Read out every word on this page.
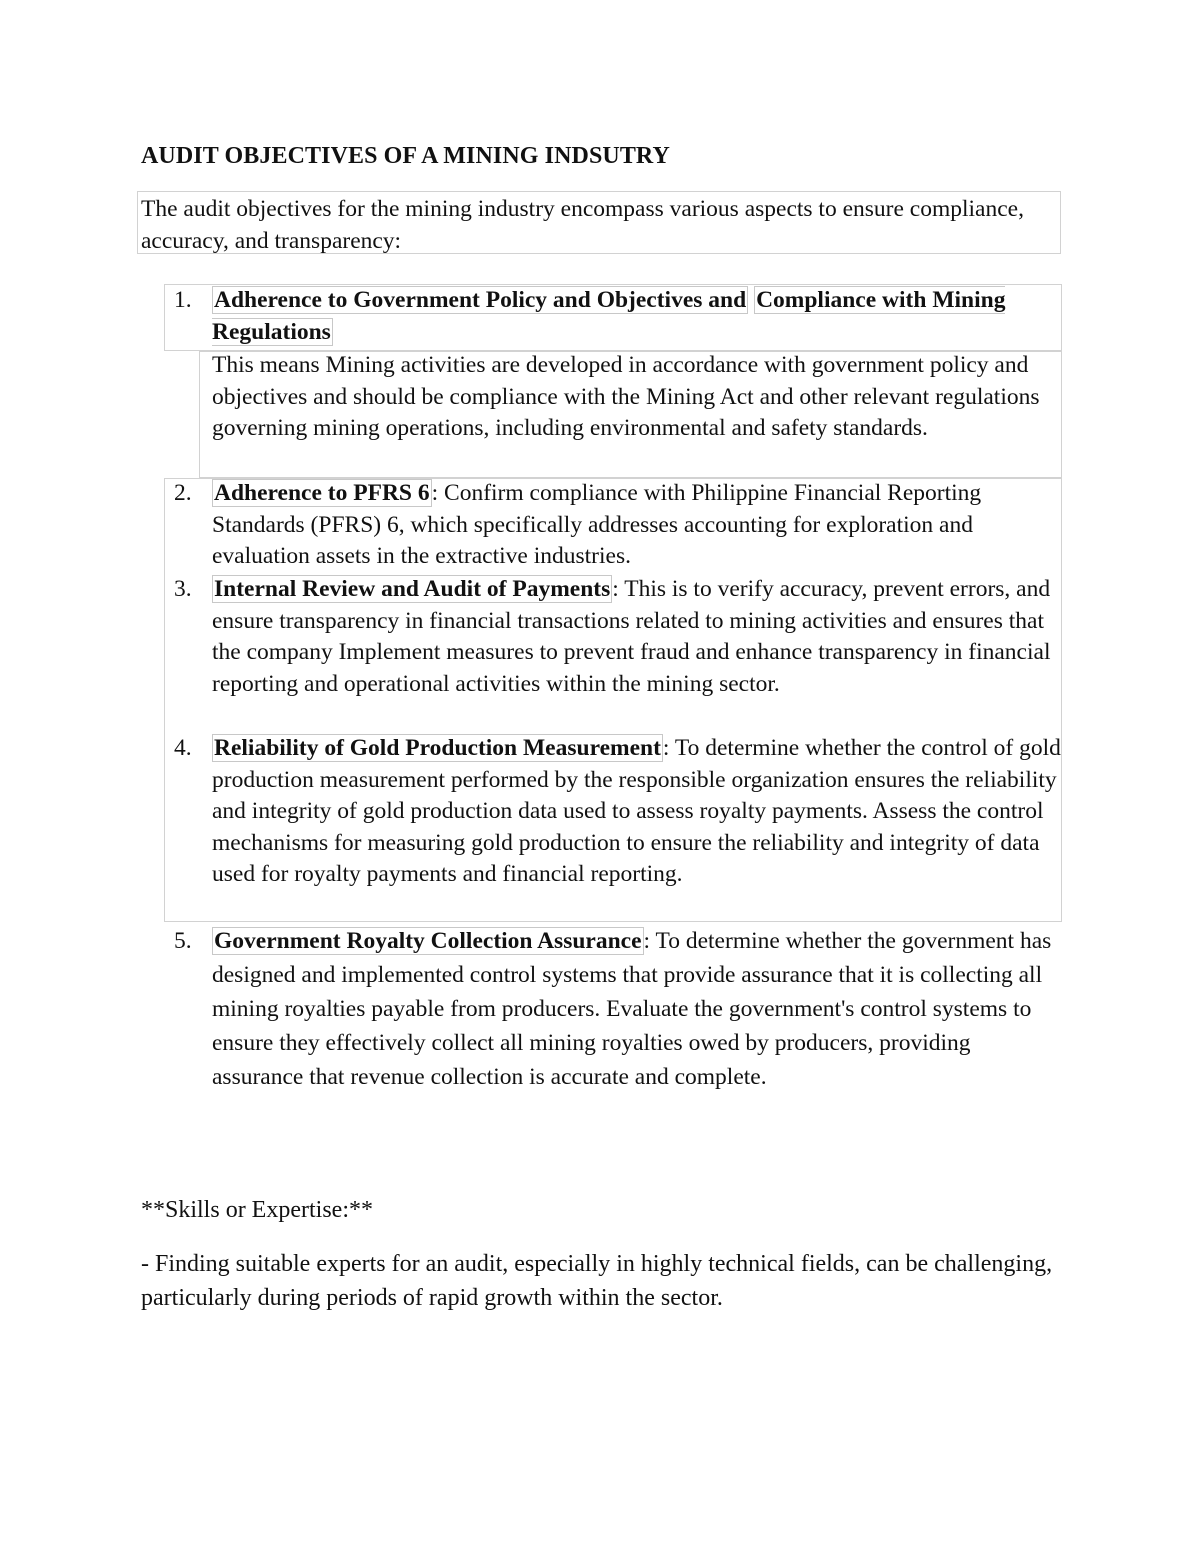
AUDIT OBJECTIVES OF A MINING INDSUTRY

The audit objectives for the mining industry encompass various aspects to ensure compliance, accuracy, and transparency:

1. Adherence to Government Policy and Objectives and Compliance with Mining Regulations
This means Mining activities are developed in accordance with government policy and objectives and should be compliance with the Mining Act and other relevant regulations governing mining operations, including environmental and safety standards.
2. Adherence to PFRS 6: Confirm compliance with Philippine Financial Reporting Standards (PFRS) 6, which specifically addresses accounting for exploration and evaluation assets in the extractive industries.
3. Internal Review and Audit of Payments: This is to verify accuracy, prevent errors, and ensure transparency in financial transactions related to mining activities and ensures that the company Implement measures to prevent fraud and enhance transparency in financial reporting and operational activities within the mining sector.
4. Reliability of Gold Production Measurement: To determine whether the control of gold production measurement performed by the responsible organization ensures the reliability and integrity of gold production data used to assess royalty payments. Assess the control mechanisms for measuring gold production to ensure the reliability and integrity of data used for royalty payments and financial reporting.
5. Government Royalty Collection Assurance: To determine whether the government has designed and implemented control systems that provide assurance that it is collecting all mining royalties payable from producers. Evaluate the government's control systems to ensure they effectively collect all mining royalties owed by producers, providing assurance that revenue collection is accurate and complete.
**Skills or Expertise:**

- Finding suitable experts for an audit, especially in highly technical fields, can be challenging, particularly during periods of rapid growth within the sector.
